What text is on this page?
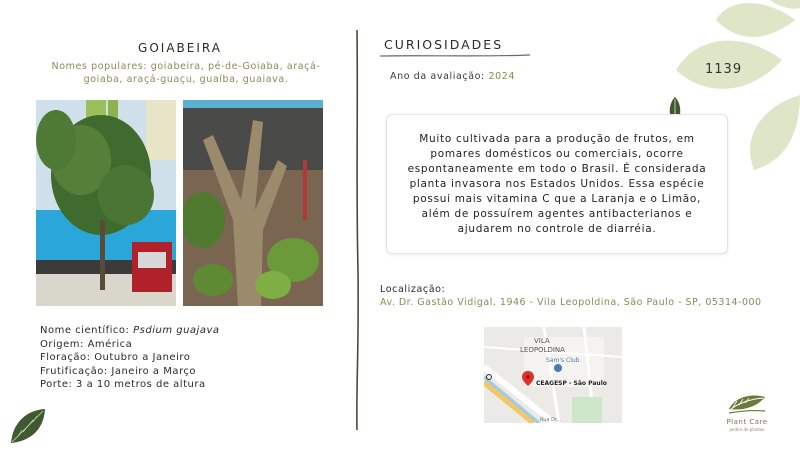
1139
GOIABEIRA
Nomes populares: goiabeira, pé-de-Goiaba, araçá-goiaba, araçá-guaçu, guaíba, guaiava.
Nome científico: Psdium guajava
Origem: América
Floração: Outubro a Janeiro
Frutificação: Janeiro a Março
Porte: 3 a 10 metros de altura
CURIOSIDADES
Ano da avaliação: 2024
Muito cultivada para a produção de frutos, em pomares domésticos ou comerciais, ocorre espontaneamente em todo o Brasil. É considerada planta invasora nos Estados Unidos. Essa espécie possui mais vitamina C que a Laranja e o Limão, além de possuírem agentes antibacterianos e ajudarem no controle de diarréia.
Localização:
Av. Dr. Gastão Vidigal, 1946 - Vila Leopoldina, São Paulo - SP, 05314-000
VILA
LEOPOLDINA
Sam's Club
CEAGESP - São Paulo
Rua Dr...	Plant Care
jardim de plantas
